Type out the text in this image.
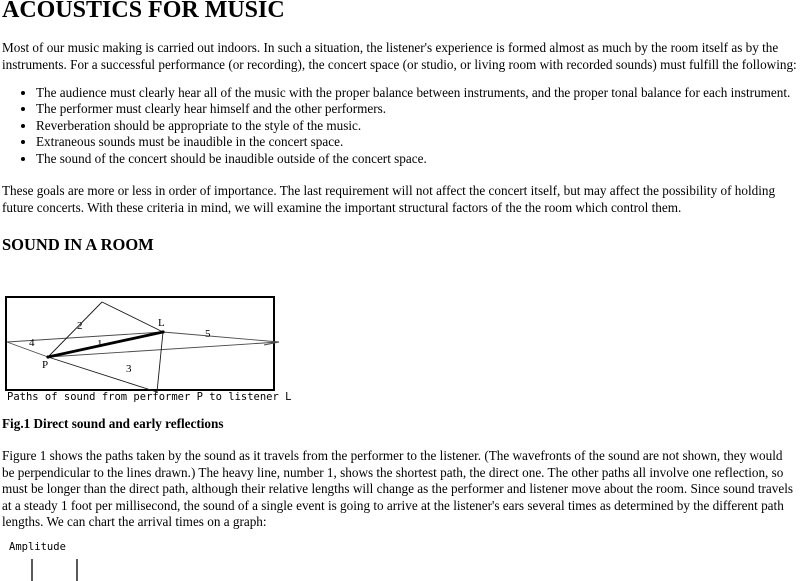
ACOUSTICS FOR MUSIC

Most of our music making is carried out indoors. In such a situation, the listener's experience is formed almost as much by the room itself as by the instruments. For a successful performance (or recording), the concert space (or studio, or living room with recorded sounds) must fulfill the following:

• The audience must clearly hear all of the music with the proper balance between instruments, and the proper tonal balance for each instrument.
• The performer must clearly hear himself and the other performers.
• Reverberation should be appropriate to the style of the music.
• Extraneous sounds must be inaudible in the concert space.
• The sound of the concert should be inaudible outside of the concert space.

These goals are more or less in order of importance. The last requirement will not affect the concert itself, but may affect the possibility of holding future concerts. With these criteria in mind, we will examine the important structural factors of the the room which control them.

SOUND IN A ROOM
P
L
2
4	1
3
5
Paths of sound from performer P to listener L

Fig.1 Direct sound and early reflections

Figure 1 shows the paths taken by the sound as it travels from the performer to the listener. (The wavefronts of the sound are not shown, they would be perpendicular to the lines drawn.) The heavy line, number 1, shows the shortest path, the direct one. The other paths all involve one reflection, so must be longer than the direct path, although their relative lengths will change as the performer and listener move about the room. Since sound travels at a steady 1 foot per millisecond, the sound of a single event is going to arrive at the listener's ears several times as determined by the different path lengths. We can chart the arrival times on a graph:

Amplitude
